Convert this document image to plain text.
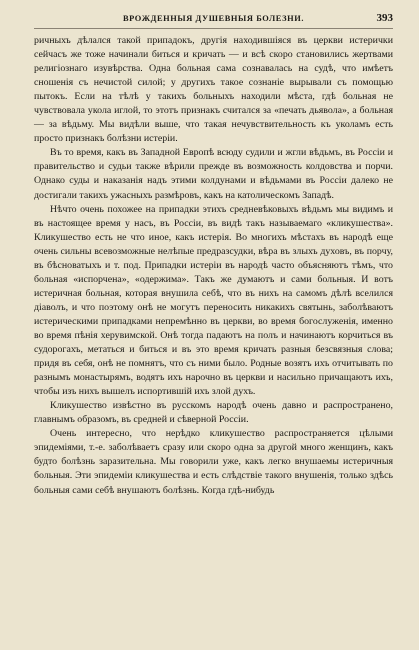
ВРОЖДЕННЫЯ ДУШЕВНЫЯ БОЛЕЗНИ.	393

ричныхъ дѣлался такой припадокъ, другія находившіяся въ церкви истерички сейчасъ же тоже начинали биться и кричать — и всѣ скоро становились жертвами религіознаго изувѣрства. Одна больная сама сознавалась на судѣ, что имѣетъ сношенія съ нечистой силой; у другихъ такое сознаніе вырывали съ помощью пытокъ. Если на тѣлѣ у такихъ больныхъ находили мѣста, гдѣ больная не чувствовала укола иглой, то этотъ признакъ считался за «печать дьявола», а больная — за вѣдьму. Мы видѣли выше, что такая нечувствительность къ уколамъ есть просто признакъ болѣзни истеріи.

Въ то время, какъ въ Западной Европѣ всюду судили и жгли вѣдьмъ, въ Россіи и правительство и судьи также вѣрили прежде въ возможность колдовства и порчи. Однако суды и наказанія надъ этими колдунами и вѣдьмами въ Россіи далеко не достигали такихъ ужасныхъ размѣровъ, какъ на католическомъ Западѣ.

Нѣчто очень похожее на припадки этихъ средневѣковыхъ вѣдьмъ мы видимъ и въ настоящее время у насъ, въ Россіи, въ видѣ такъ называемаго «кликушества». Кликушество есть не что иное, какъ истерія. Во многихъ мѣстахъ въ народѣ еще очень сильны всевозможные нелѣпые предразсудки, вѣра въ злыхъ духовъ, въ порчу, въ бѣсноватыхъ и т. под. Припадки истеріи въ народѣ часто объясняютъ тѣмъ, что больная «испорчена», «одержима». Такъ же думаютъ и сами больныя. И вотъ истеричная больная, которая внушила себѣ, что въ нихъ на самомъ дѣлѣ вселился діаволъ, и что поэтому онѣ не могутъ переносить никакихъ святынь, заболѣваютъ истерическими припадками непремѣнно въ церкви, во время богослуженія, именно во время пѣнія херувимской. Онѣ тогда падаютъ на полъ и начинаютъ корчиться въ судорогахъ, метаться и биться и въ это время кричать разныя безсвязныя слова; придя въ себя, онѣ не помнятъ, что съ ними было. Родные возятъ ихъ отчитывать по разнымъ монастырямъ, водятъ ихъ нарочно въ церкви и насильно причащаютъ ихъ, чтобы изъ нихъ вышелъ испортившій ихъ злой духъ.

Кликушество извѣстно въ русскомъ народѣ очень давно и распространено, главнымъ образомъ, въ средней и сѣверной Россіи.

Очень интересно, что нерѣдко кликушество распространяется цѣлыми эпидеміями, т.-е. заболѣваетъ сразу или скоро одна за другой много женщинъ, какъ будто болѣзнь заразительна. Мы говорили уже, какъ легко внушаемы истеричныя больныя. Эти эпидеміи кликушества и есть слѣдствіе такого внушенія, только здѣсь больныя сами себѣ внушаютъ болѣзнь. Когда гдѣ-нибудь
